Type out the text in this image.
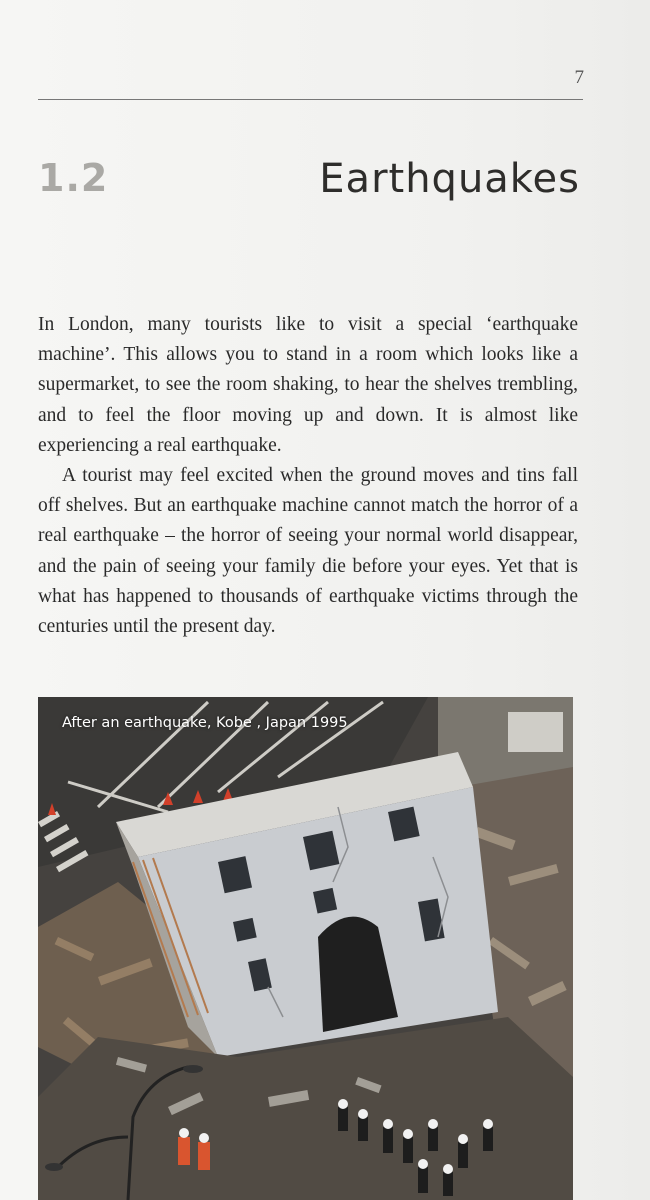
7
1.2	Earthquakes

In London, many tourists like to visit a special ‘earthquake machine’. This allows you to stand in a room which looks like a supermarket, to see the room shaking, to hear the shelves trembling, and to feel the floor moving up and down. It is almost like experiencing a real earthquake.

A tourist may feel excited when the ground moves and tins fall off shelves. But an earthquake machine cannot match the horror of a real earthquake – the horror of seeing your normal world disappear, and the pain of seeing your family die before your eyes. Yet that is what has happened to thousands of earthquake victims through the centuries until the present day.

After an earthquake, Kobe , Japan 1995
